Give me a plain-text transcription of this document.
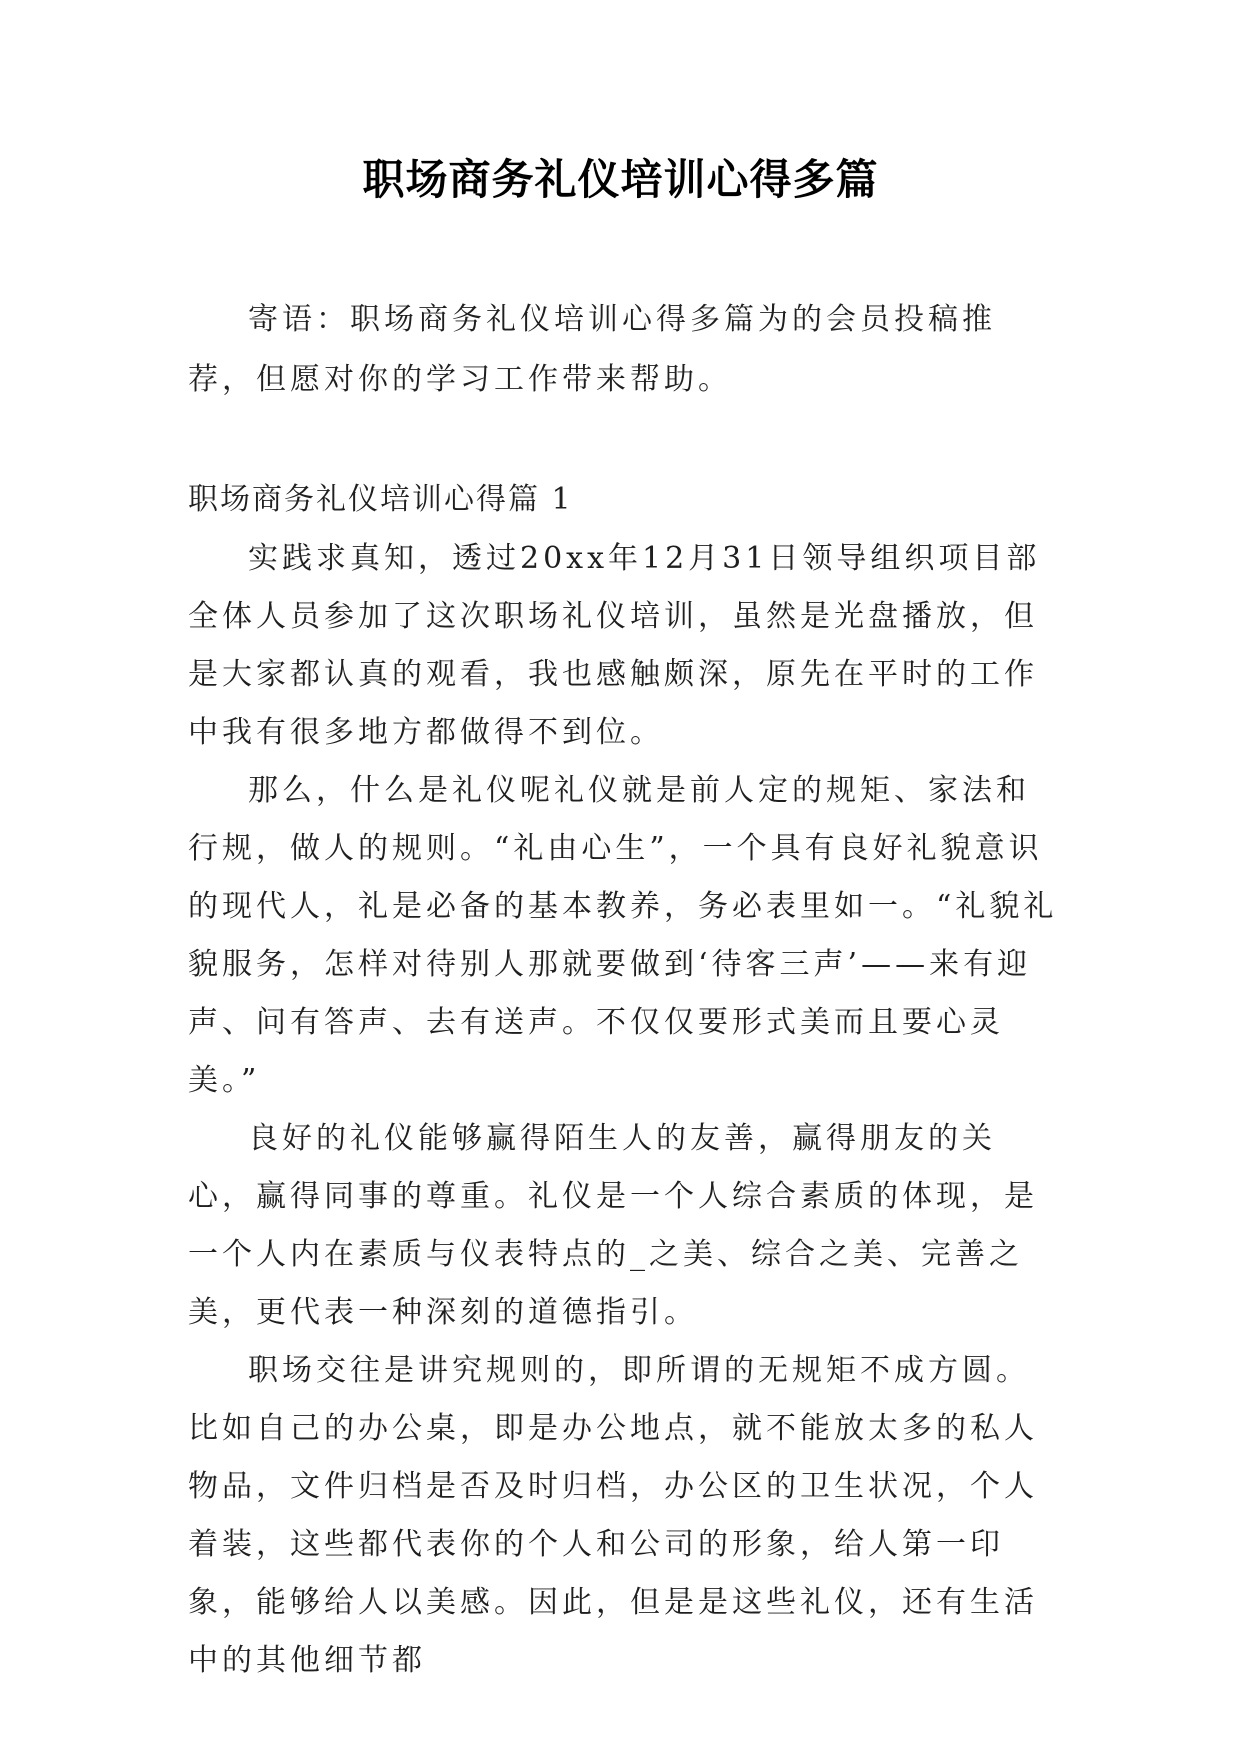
职场商务礼仪培训心得多篇

寄语：职场商务礼仪培训心得多篇为的会员投稿推荐，但愿对你的学习工作带来帮助。

职场商务礼仪培训心得篇 1

实践求真知，透过20xx年12月31日领导组织项目部全体人员参加了这次职场礼仪培训，虽然是光盘播放，但是大家都认真的观看，我也感触颇深，原先在平时的工作中我有很多地方都做得不到位。

那么，什么是礼仪呢礼仪就是前人定的规矩、家法和行规，做人的规则。“礼由心生”，一个具有良好礼貌意识的现代人，礼是必备的基本教养，务必表里如一。“礼貌礼貌服务，怎样对待别人那就要做到‘待客三声’——来有迎声、问有答声、去有送声。不仅仅要形式美而且要心灵美。”

良好的礼仪能够赢得陌生人的友善，赢得朋友的关心，赢得同事的尊重。礼仪是一个人综合素质的体现，是一个人内在素质与仪表特点的_之美、综合之美、完善之美，更代表一种深刻的道德指引。

职场交往是讲究规则的，即所谓的无规矩不成方圆。比如自己的办公桌，即是办公地点，就不能放太多的私人物品，文件归档是否及时归档，办公区的卫生状况，个人着装，这些都代表你的个人和公司的形象，给人第一印象，能够给人以美感。因此，但是是这些礼仪，还有生活中的其他细节都
